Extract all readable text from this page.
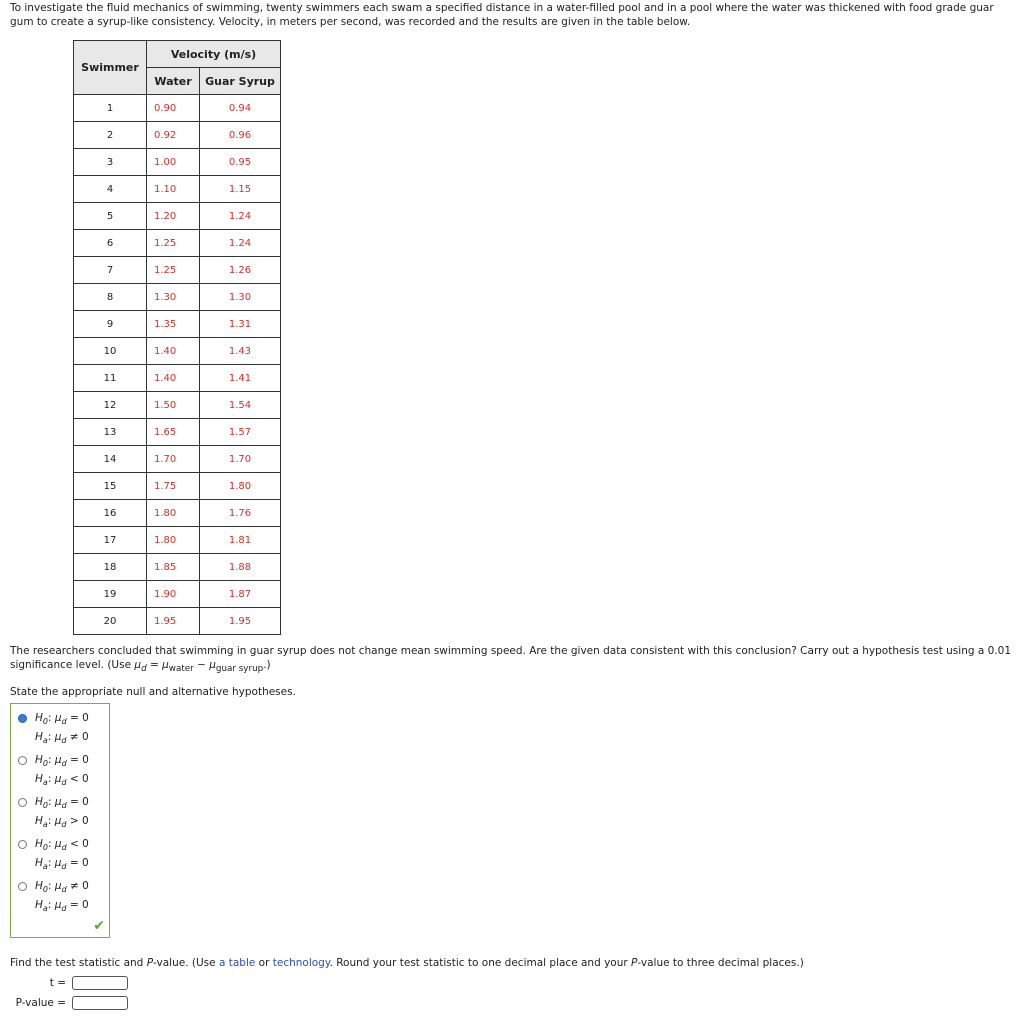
To investigate the fluid mechanics of swimming, twenty swimmers each swam a specified distance in a water-filled pool and in a pool where the water was thickened with food grade guar gum to create a syrup-like consistency. Velocity, in meters per second, was recorded and the results are given in the table below.
Swimmer	Velocity (m/s)	
	Water	Guar Syrup
1	0.90	0.94
2	0.92	0.96
3	1.00	0.95
4	1.10	1.15
5	1.20	1.24
6	1.25	1.24
7	1.25	1.26
8	1.30	1.30
9	1.35	1.31
10	1.40	1.43
11	1.40	1.41
12	1.50	1.54
13	1.65	1.57
14	1.70	1.70
15	1.75	1.80
16	1.80	1.76
17	1.80	1.81
18	1.85	1.88
19	1.90	1.87
20	1.95	1.95
The researchers concluded that swimming in guar syrup does not change mean swimming speed. Are the given data consistent with this conclusion? Carry out a hypothesis test using a 0.01 significance level. (Use $\mu_d = \mu_{water} - \mu_{guar syrup}$.)
State the appropriate null and alternative hypotheses.
✔
$H_0$: $\mu_d = 0$
$H_a$: $\mu_d \ne 0$
$H_0$: $\mu_d = 0$
$H_a$: $\mu_d < 0$
$H_0$: $\mu_d = 0$
$H_a$: $\mu_d > 0$
$H_0$: $\mu_d < 0$
$H_a$: $\mu_d = 0$
$H_0$: $\mu_d \ne 0$
$H_a$: $\mu_d = 0$
Find the test statistic and P-value. (Use a table or technology. Round your test statistic to one decimal place and your P-value to three decimal places.)
t =
P-value =
